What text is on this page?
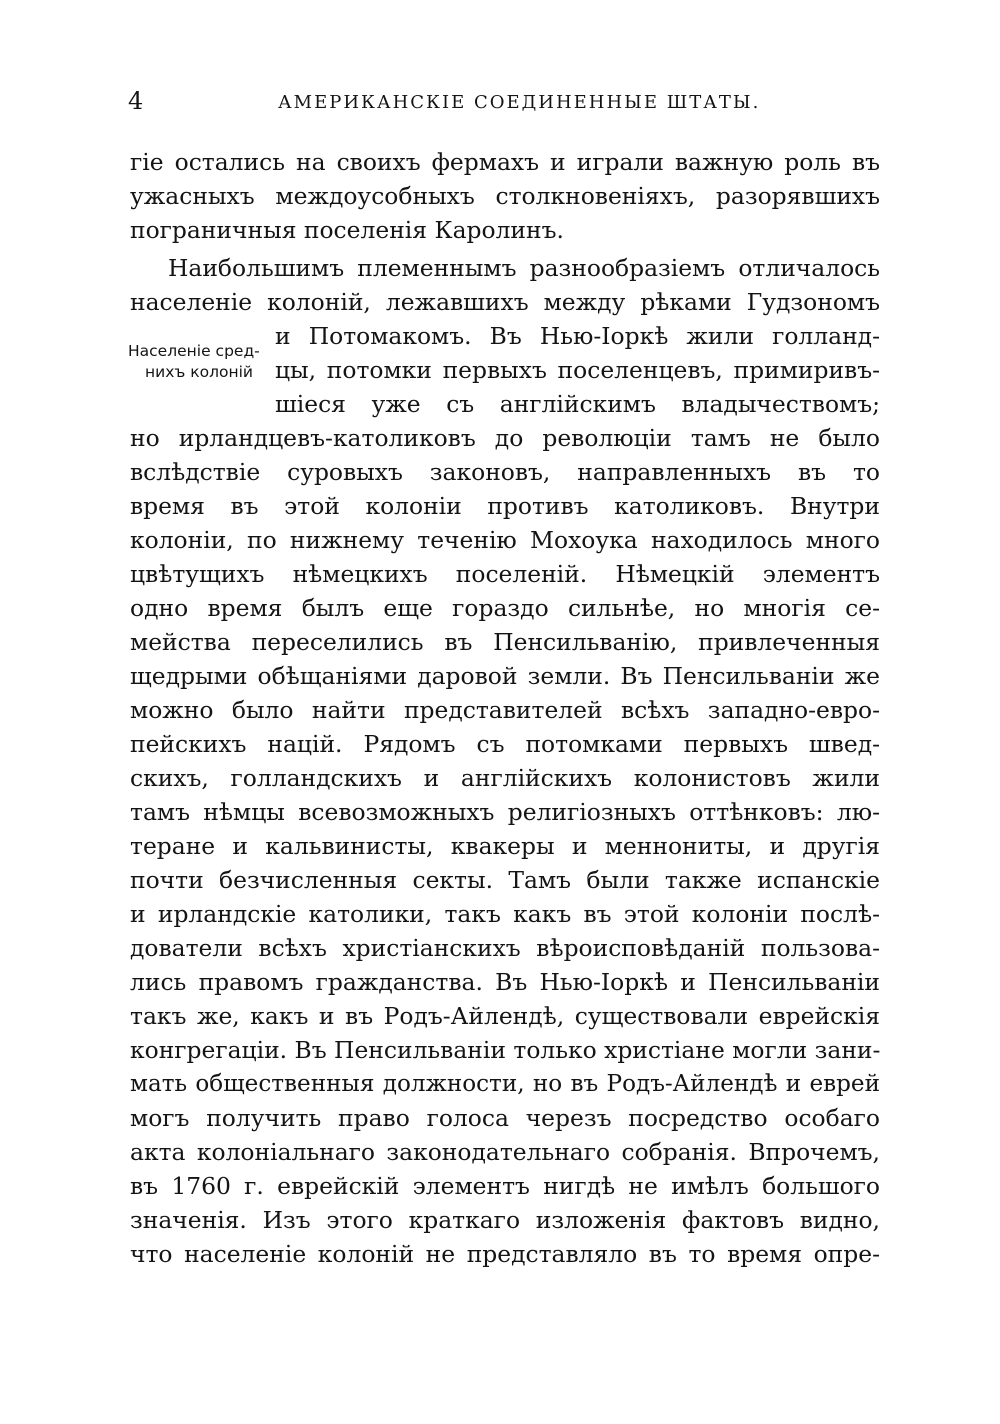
4	АМЕРИКАНСКІЕ СОЕДИНЕННЫЕ ШТАТЫ.
Населеніе сред-
нихъ колоній
гіе остались на своихъ фермахъ и играли важную роль въ
ужасныхъ междоусобныхъ столкновеніяхъ, разорявшихъ
пограничныя поселенія Каролинъ.
Наибольшимъ племеннымъ разнообразіемъ отличалось
населеніе колоній, лежавшихъ между рѣками Гудзономъ
и Потомакомъ. Въ Нью-Іоркѣ жили голланд-
цы, потомки первыхъ поселенцевъ, примиривъ-
шіеся уже съ англійскимъ владычествомъ;
но ирландцевъ-католиковъ до революціи тамъ не было
вслѣдствіе суровыхъ законовъ, направленныхъ въ то
время въ этой колоніи противъ католиковъ. Внутри
колоніи, по нижнему теченію Мохоука находилось много
цвѣтущихъ нѣмецкихъ поселеній. Нѣмецкій элементъ
одно время былъ еще гораздо сильнѣе, но многія се-
мейства переселились въ Пенсильванію, привлеченныя
щедрыми обѣщаніями даровой земли. Въ Пенсильваніи же
можно было найти представителей всѣхъ западно-евро-
пейскихъ націй. Рядомъ съ потомками первыхъ швед-
скихъ, голландскихъ и англійскихъ колонистовъ жили
тамъ нѣмцы всевозможныхъ религіозныхъ оттѣнковъ: лю-
теране и кальвинисты, квакеры и меннониты, и другія
почти безчисленныя секты. Тамъ были также испанскіе
и ирландскіе католики, такъ какъ въ этой колоніи послѣ-
дователи всѣхъ христіанскихъ вѣроисповѣданій пользова-
лись правомъ гражданства. Въ Нью-Іоркѣ и Пенсильваніи
такъ же, какъ и въ Родъ-Айлендѣ, существовали еврейскія
конгрегаціи. Въ Пенсильваніи только христіане могли зани-
мать общественныя должности, но въ Родъ-Айлендѣ и еврей
могъ получить право голоса черезъ посредство особаго
акта колоніальнаго законодательнаго собранія. Впрочемъ,
въ 1760 г. еврейскій элементъ нигдѣ не имѣлъ большого
значенія. Изъ этого краткаго изложенія фактовъ видно,
что населеніе колоній не представляло въ то время опре-
